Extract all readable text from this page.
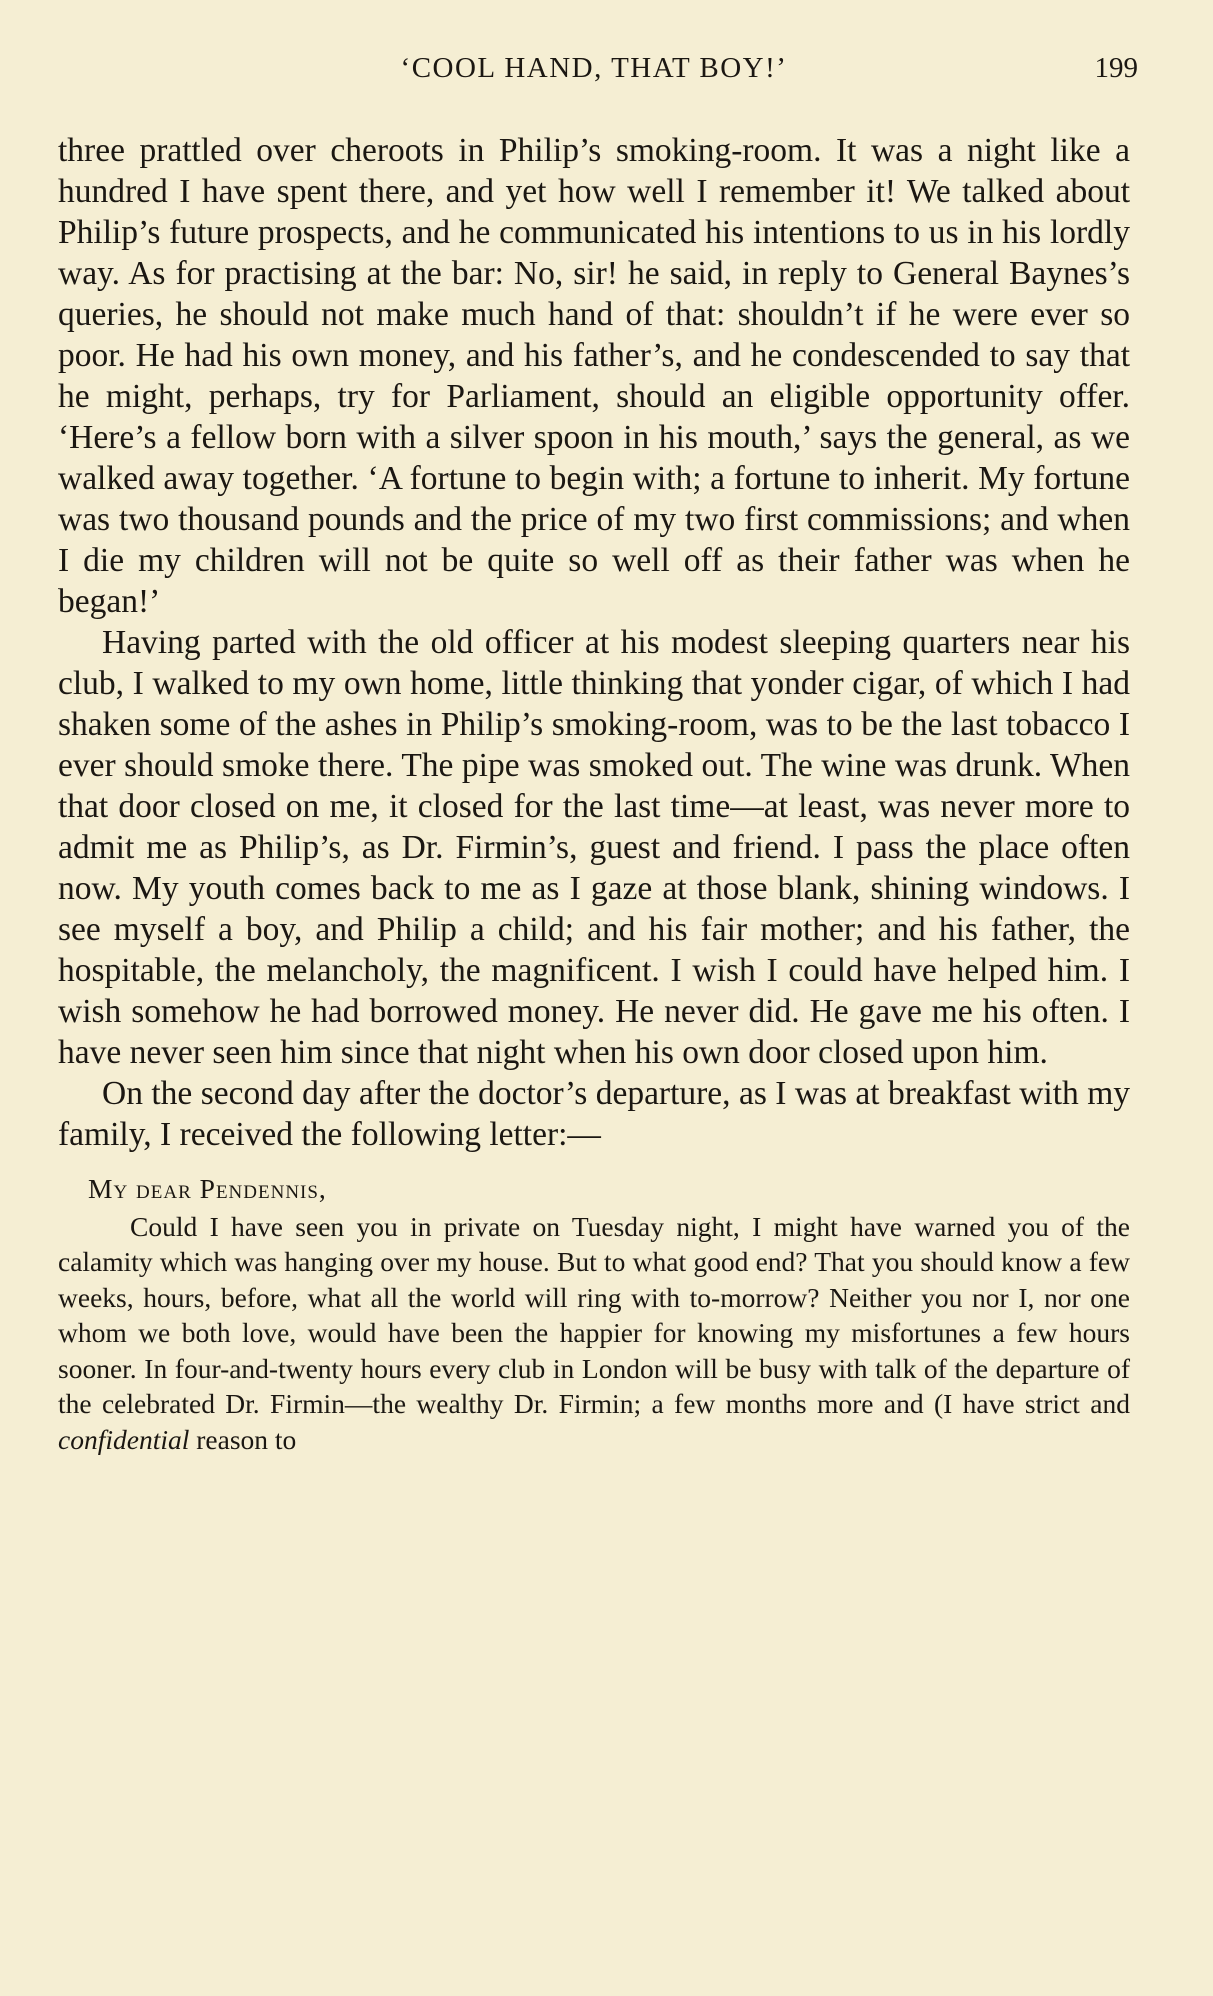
‘COOL HAND, THAT BOY!’	199

three prattled over cheroots in Philip’s smoking-room. It was a night like a hundred I have spent there, and yet how well I remember it! We talked about Philip’s future prospects, and he communicated his intentions to us in his lordly way. As for practising at the bar: No, sir! he said, in reply to General Baynes’s queries, he should not make much hand of that: shouldn’t if he were ever so poor. He had his own money, and his father’s, and he condescended to say that he might, perhaps, try for Parliament, should an eligible opportunity offer. ‘Here’s a fellow born with a silver spoon in his mouth,’ says the general, as we walked away together. ‘A fortune to begin with; a fortune to inherit. My fortune was two thousand pounds and the price of my two first commissions; and when I die my children will not be quite so well off as their father was when he began!’

Having parted with the old officer at his modest sleeping quarters near his club, I walked to my own home, little thinking that yonder cigar, of which I had shaken some of the ashes in Philip’s smoking-room, was to be the last tobacco I ever should smoke there. The pipe was smoked out. The wine was drunk. When that door closed on me, it closed for the last time—at least, was never more to admit me as Philip’s, as Dr. Firmin’s, guest and friend. I pass the place often now. My youth comes back to me as I gaze at those blank, shining windows. I see myself a boy, and Philip a child; and his fair mother; and his father, the hospitable, the melancholy, the magnificent. I wish I could have helped him. I wish somehow he had borrowed money. He never did. He gave me his often. I have never seen him since that night when his own door closed upon him.

On the second day after the doctor’s departure, as I was at breakfast with my family, I received the following letter:—

My dear Pendennis,

Could I have seen you in private on Tuesday night, I might have warned you of the calamity which was hanging over my house. But to what good end? That you should know a few weeks, hours, before, what all the world will ring with to-morrow? Neither you nor I, nor one whom we both love, would have been the happier for knowing my misfortunes a few hours sooner. In four-and-twenty hours every club in London will be busy with talk of the departure of the celebrated Dr. Firmin—the wealthy Dr. Firmin; a few months more and (I have strict and confidential reason to
